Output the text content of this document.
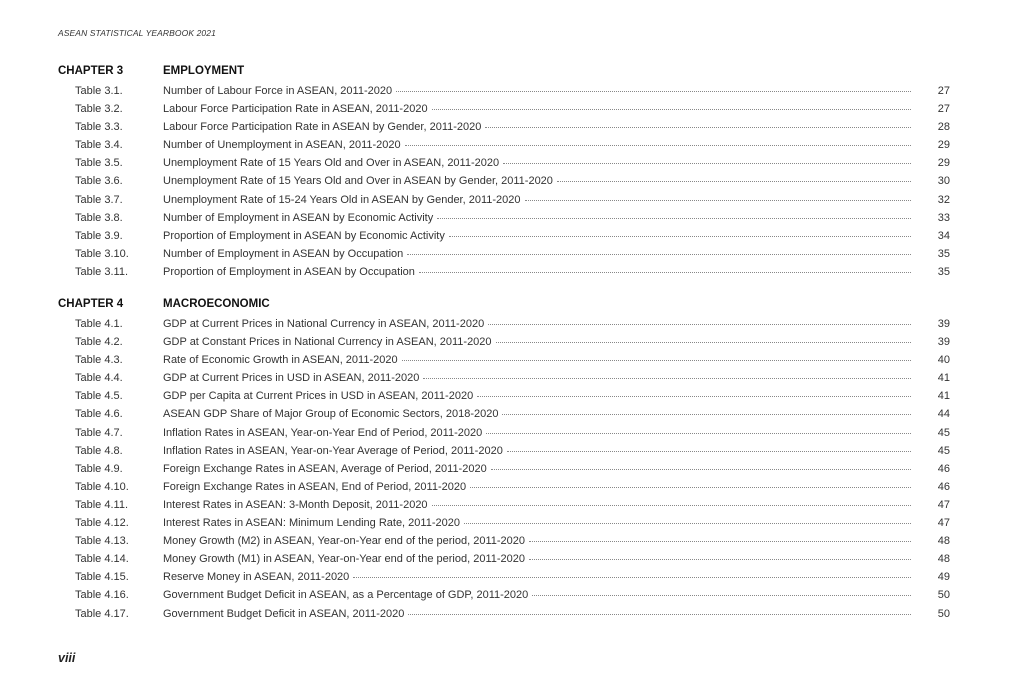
ASEAN STATISTICAL YEARBOOK 2021
CHAPTER 3	EMPLOYMENT
Table 3.1.	Number of Labour Force in ASEAN, 2011-2020	27
Table 3.2.	Labour Force Participation Rate in ASEAN, 2011-2020	27
Table 3.3.	Labour Force Participation Rate in ASEAN by Gender, 2011-2020	28
Table 3.4.	Number of Unemployment in ASEAN, 2011-2020	29
Table 3.5.	Unemployment Rate of 15 Years Old and Over in ASEAN, 2011-2020	29
Table 3.6.	Unemployment Rate of 15 Years Old and Over in ASEAN by Gender, 2011-2020	30
Table 3.7.	Unemployment Rate of 15-24 Years Old in ASEAN by Gender, 2011-2020	32
Table 3.8.	Number of Employment in ASEAN by Economic Activity	33
Table 3.9.	Proportion of Employment in ASEAN by Economic Activity	34
Table 3.10.	Number of Employment in ASEAN by Occupation	35
Table 3.11.	Proportion of Employment in ASEAN by Occupation	35
CHAPTER 4	MACROECONOMIC
Table 4.1.	GDP at Current Prices in National Currency in ASEAN, 2011-2020	39
Table 4.2.	GDP at Constant Prices in National Currency in ASEAN, 2011-2020	39
Table 4.3.	Rate of Economic Growth in ASEAN, 2011-2020	40
Table 4.4.	GDP at Current Prices in USD in ASEAN, 2011-2020	41
Table 4.5.	GDP per Capita at Current Prices in USD in ASEAN, 2011-2020	41
Table 4.6.	ASEAN GDP Share of Major Group of Economic Sectors, 2018-2020	44
Table 4.7.	Inflation Rates in ASEAN, Year-on-Year End of Period, 2011-2020	45
Table 4.8.	Inflation Rates in ASEAN, Year-on-Year Average of Period, 2011-2020	45
Table 4.9.	Foreign Exchange Rates in ASEAN, Average of Period, 2011-2020	46
Table 4.10.	Foreign Exchange Rates in ASEAN, End of Period, 2011-2020	46
Table 4.11.	Interest Rates in ASEAN: 3-Month Deposit, 2011-2020	47
Table 4.12.	Interest Rates in ASEAN: Minimum Lending Rate, 2011-2020	47
Table 4.13.	Money Growth (M2) in ASEAN, Year-on-Year end of the period, 2011-2020	48
Table 4.14.	Money Growth (M1) in ASEAN, Year-on-Year end of the period, 2011-2020	48
Table 4.15.	Reserve Money in ASEAN, 2011-2020	49
Table 4.16.	Government Budget Deficit in ASEAN, as a Percentage of GDP, 2011-2020	50
Table 4.17.	Government Budget Deficit in ASEAN, 2011-2020	50
viii
